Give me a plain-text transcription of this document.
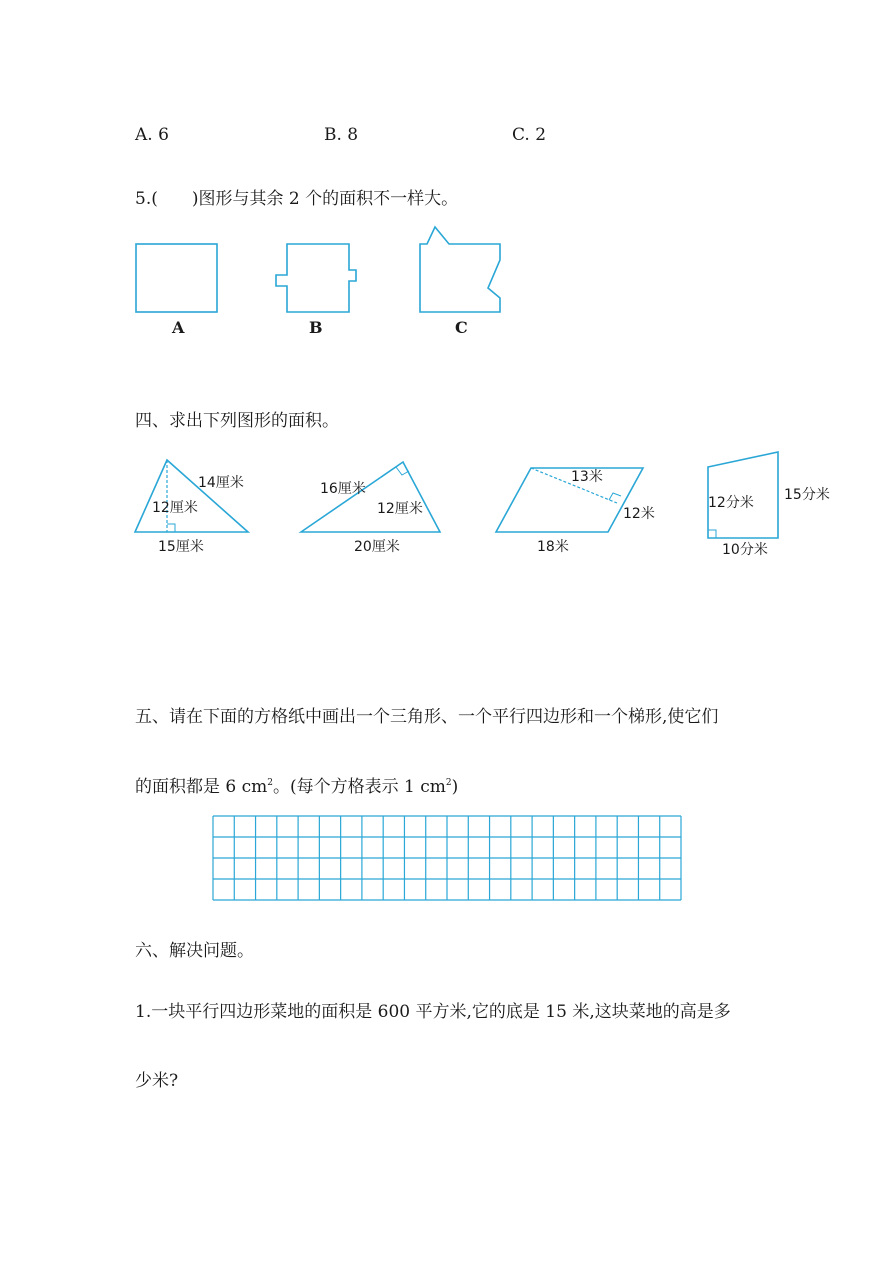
A. 6	B. 8	C. 2
5.(　　)图形与其余 2 个的面积不一样大。
A	B	C
四、求出下列图形的面积。
14厘米
12厘米
15厘米
16厘米
12厘米
20厘米
13米
12米
18米
12分米 15分米
10分米
五、请在下面的方格纸中画出一个三角形、一个平行四边形和一个梯形,使它们
的面积都是 6 $cm^2$。(每个方格表示 1 $cm^2$)
六、解决问题。
1.一块平行四边形菜地的面积是 600 平方米,它的底是 15 米,这块菜地的高是多
少米?
